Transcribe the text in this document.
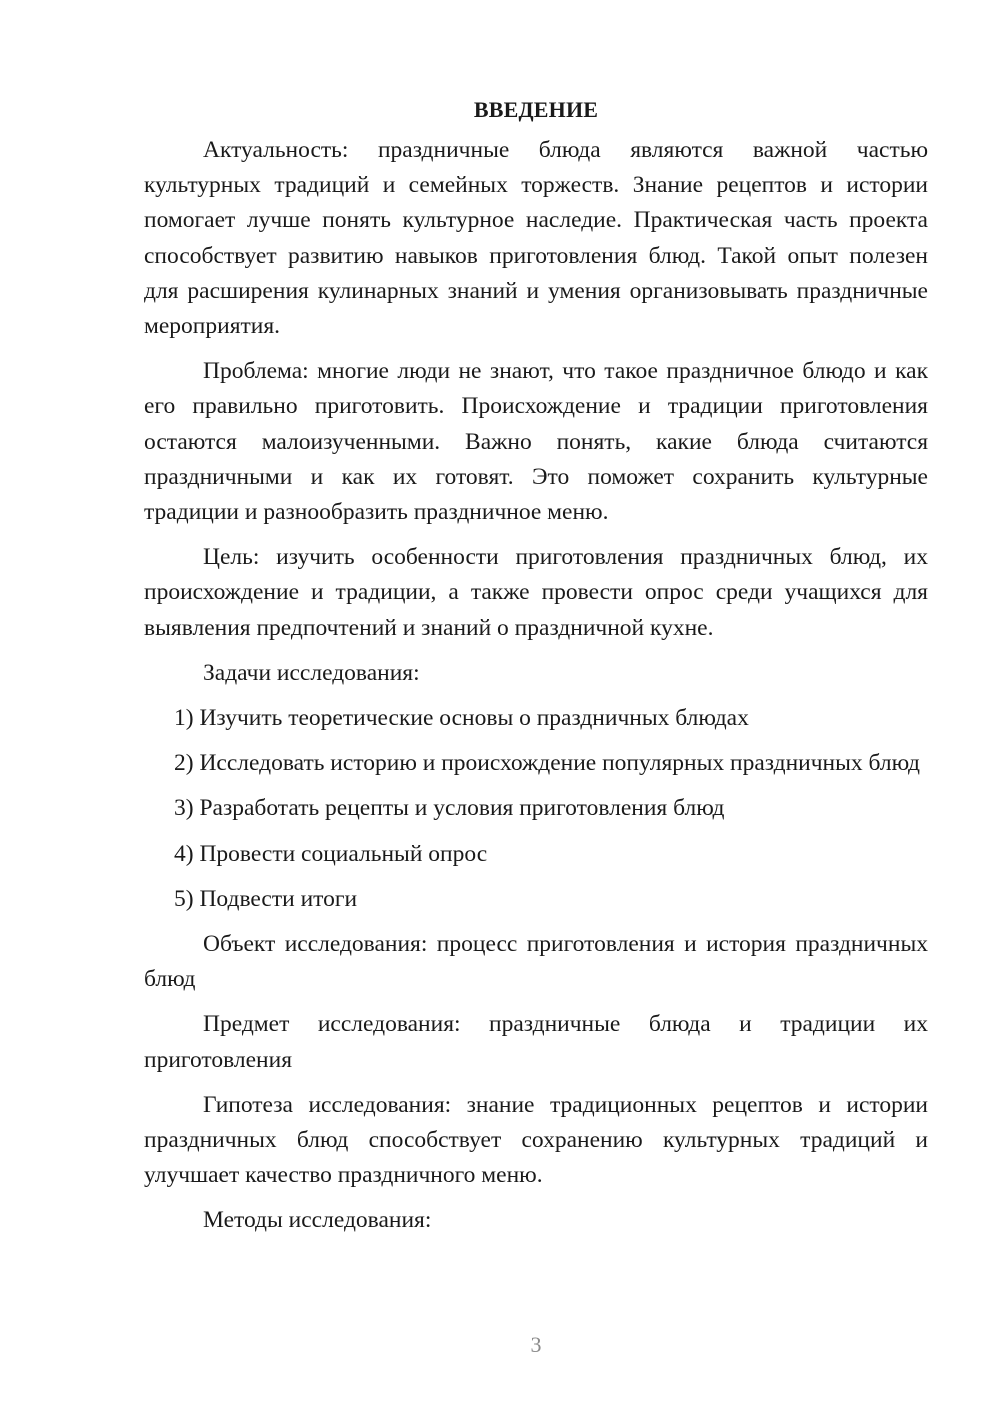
ВВЕДЕНИЕ

Актуальность: праздничные блюда являются важной частью культурных традиций и семейных торжеств. Знание рецептов и истории помогает лучше понять культурное наследие. Практическая часть проекта способствует развитию навыков приготовления блюд. Такой опыт полезен для расширения кулинарных знаний и умения организовывать праздничные мероприятия.

Проблема: многие люди не знают, что такое праздничное блюдо и как его правильно приготовить. Происхождение и традиции приготовления остаются малоизученными. Важно понять, какие блюда считаются праздничными и как их готовят. Это поможет сохранить культурные традиции и разнообразить праздничное меню.

Цель: изучить особенности приготовления праздничных блюд, их происхождение и традиции, а также провести опрос среди учащихся для выявления предпочтений и знаний о праздничной кухне.

Задачи исследования:

1) Изучить теоретические основы о праздничных блюдах

2) Исследовать историю и происхождение популярных праздничных блюд

3) Разработать рецепты и условия приготовления блюд

4) Провести социальный опрос

5) Подвести итоги

Объект исследования: процесс приготовления и история праздничных блюд

Предмет исследования: праздничные блюда и традиции их приготовления

Гипотеза исследования: знание традиционных рецептов и истории праздничных блюд способствует сохранению культурных традиций и улучшает качество праздничного меню.

Методы исследования:

3
